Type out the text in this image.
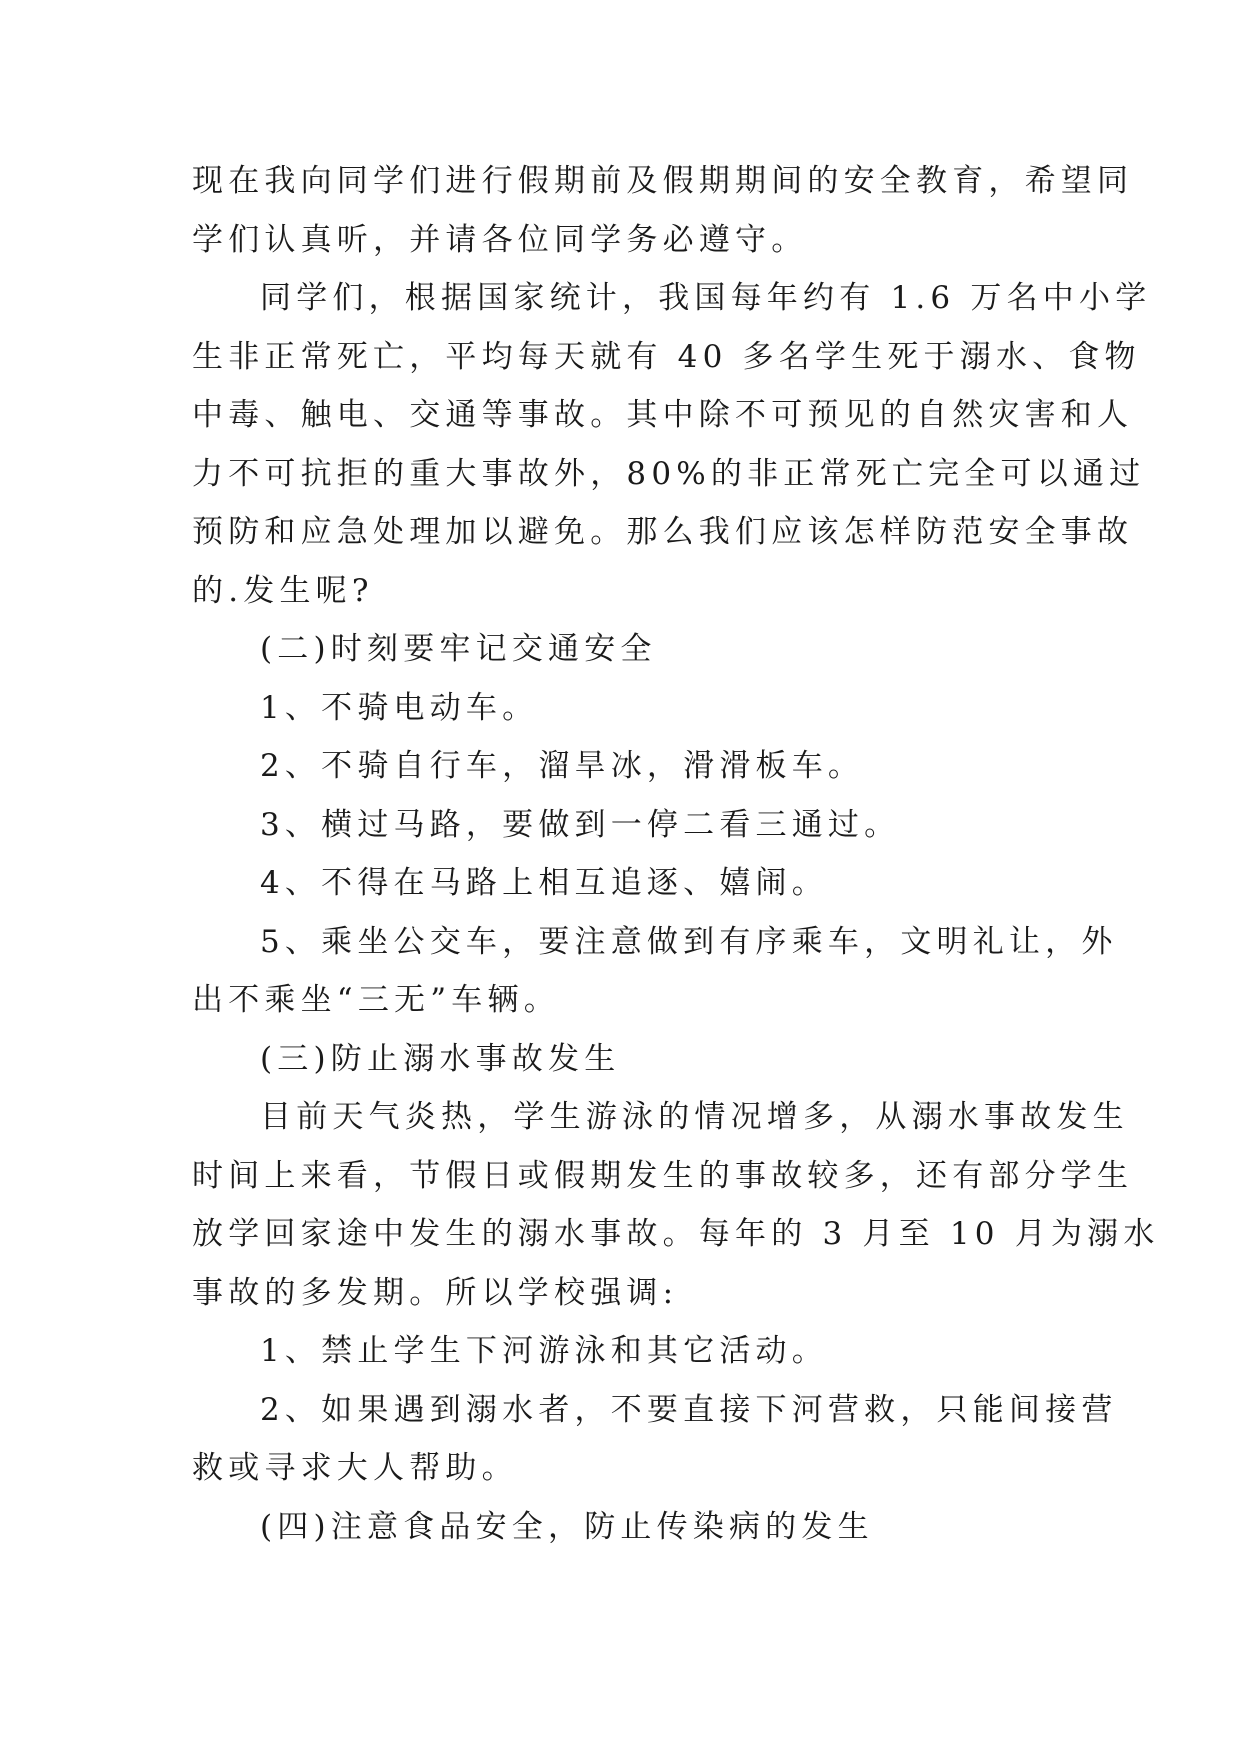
现在我向同学们进行假期前及假期期间的安全教育，希望同
学们认真听，并请各位同学务必遵守。
同学们，根据国家统计，我国每年约有 1.6 万名中小学
生非正常死亡，平均每天就有 40 多名学生死于溺水、食物
中毒、触电、交通等事故。其中除不可预见的自然灾害和人
力不可抗拒的重大事故外，80%的非正常死亡完全可以通过
预防和应急处理加以避免。那么我们应该怎样防范安全事故
的.发生呢?
(二)时刻要牢记交通安全
1、不骑电动车。
2、不骑自行车，溜旱冰，滑滑板车。
3、横过马路，要做到一停二看三通过。
4、不得在马路上相互追逐、嬉闹。
5、乘坐公交车，要注意做到有序乘车，文明礼让，外
出不乘坐“三无”车辆。
(三)防止溺水事故发生
目前天气炎热，学生游泳的情况增多，从溺水事故发生
时间上来看，节假日或假期发生的事故较多，还有部分学生
放学回家途中发生的溺水事故。每年的 3 月至 10 月为溺水
事故的多发期。所以学校强调:
1、禁止学生下河游泳和其它活动。
2、如果遇到溺水者，不要直接下河营救，只能间接营
救或寻求大人帮助。
(四)注意食品安全，防止传染病的发生
